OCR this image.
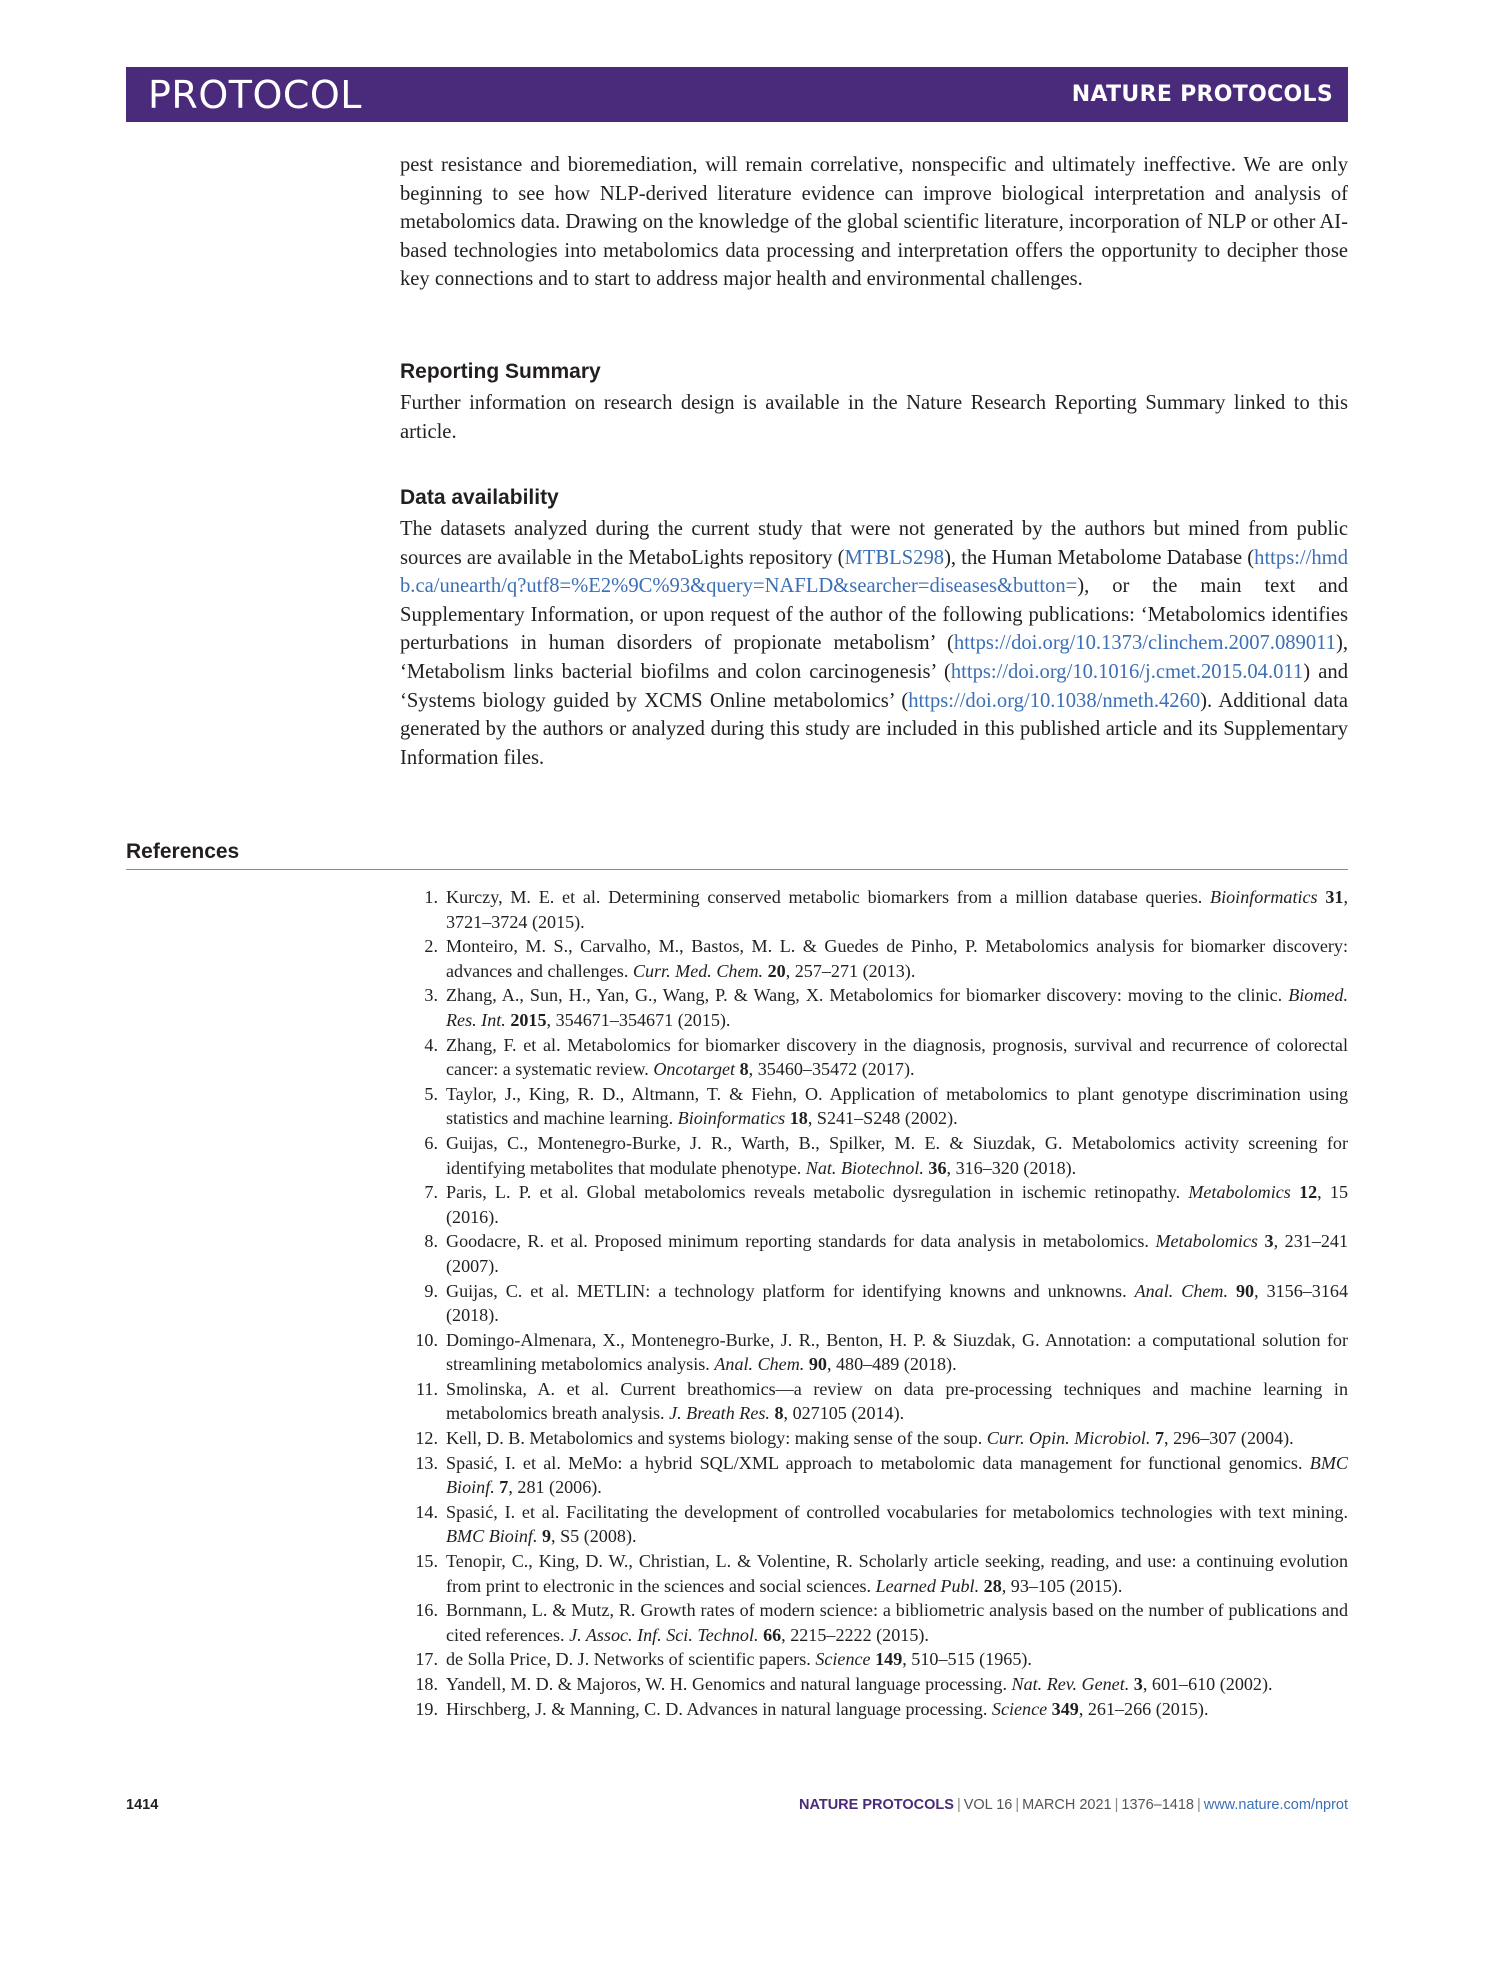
PROTOCOL	NATURE PROTOCOLS

pest resistance and bioremediation, will remain correlative, nonspecific and ultimately ineffective. We are only beginning to see how NLP-derived literature evidence can improve biological interpretation and analysis of metabolomics data. Drawing on the knowledge of the global scientific literature, incorporation of NLP or other AI-based technologies into metabolomics data processing and interpretation offers the opportunity to decipher those key connections and to start to address major health and environmental challenges.

Reporting Summary

Further information on research design is available in the Nature Research Reporting Summary linked to this article.

Data availability

The datasets analyzed during the current study that were not generated by the authors but mined from public sources are available in the MetaboLights repository (MTBLS298), the Human Metabolome Database (https://hmdb.ca/unearth/q?utf8=%E2%9C%93&query=NAFLD&searcher=diseases&button=), or the main text and Supplementary Information, or upon request of the author of the following publications: ‘Metabolomics identifies perturbations in human disorders of propionate metabolism’ (https://doi.org/10.1373/clinchem.2007.089011), ‘Metabolism links bacterial biofilms and colon carcinogenesis’ (https://doi.org/10.1016/j.cmet.2015.04.011) and ‘Systems biology guided by XCMS Online metabolomics’ (https://doi.org/10.1038/nmeth.4260). Additional data generated by the authors or analyzed during this study are included in this published article and its Supplementary Information files.

References
1. Kurczy, M. E. et al. Determining conserved metabolic biomarkers from a million database queries. Bioinformatics 31, 3721–3724 (2015).
2. Monteiro, M. S., Carvalho, M., Bastos, M. L. & Guedes de Pinho, P. Metabolomics analysis for biomarker discovery: advances and challenges. Curr. Med. Chem. 20, 257–271 (2013).
3. Zhang, A., Sun, H., Yan, G., Wang, P. & Wang, X. Metabolomics for biomarker discovery: moving to the clinic. Biomed. Res. Int. 2015, 354671–354671 (2015).
4. Zhang, F. et al. Metabolomics for biomarker discovery in the diagnosis, prognosis, survival and recurrence of colorectal cancer: a systematic review. Oncotarget 8, 35460–35472 (2017).
5. Taylor, J., King, R. D., Altmann, T. & Fiehn, O. Application of metabolomics to plant genotype discrimination using statistics and machine learning. Bioinformatics 18, S241–S248 (2002).
6. Guijas, C., Montenegro-Burke, J. R., Warth, B., Spilker, M. E. & Siuzdak, G. Metabolomics activity screening for identifying metabolites that modulate phenotype. Nat. Biotechnol. 36, 316–320 (2018).
7. Paris, L. P. et al. Global metabolomics reveals metabolic dysregulation in ischemic retinopathy. Metabolomics 12, 15 (2016).
8. Goodacre, R. et al. Proposed minimum reporting standards for data analysis in metabolomics. Metabolomics 3, 231–241 (2007).
9. Guijas, C. et al. METLIN: a technology platform for identifying knowns and unknowns. Anal. Chem. 90, 3156–3164 (2018).
10. Domingo-Almenara, X., Montenegro-Burke, J. R., Benton, H. P. & Siuzdak, G. Annotation: a computational solution for streamlining metabolomics analysis. Anal. Chem. 90, 480–489 (2018).
11. Smolinska, A. et al. Current breathomics—a review on data pre-processing techniques and machine learning in metabolomics breath analysis. J. Breath Res. 8, 027105 (2014).
12. Kell, D. B. Metabolomics and systems biology: making sense of the soup. Curr. Opin. Microbiol. 7, 296–307 (2004).
13. Spasić, I. et al. MeMo: a hybrid SQL/XML approach to metabolomic data management for functional genomics. BMC Bioinf. 7, 281 (2006).
14. Spasić, I. et al. Facilitating the development of controlled vocabularies for metabolomics technologies with text mining. BMC Bioinf. 9, S5 (2008).
15. Tenopir, C., King, D. W., Christian, L. & Volentine, R. Scholarly article seeking, reading, and use: a continuing evolution from print to electronic in the sciences and social sciences. Learned Publ. 28, 93–105 (2015).
16. Bornmann, L. & Mutz, R. Growth rates of modern science: a bibliometric analysis based on the number of publications and cited references. J. Assoc. Inf. Sci. Technol. 66, 2215–2222 (2015).
17. de Solla Price, D. J. Networks of scientific papers. Science 149, 510–515 (1965).
18. Yandell, M. D. & Majoros, W. H. Genomics and natural language processing. Nat. Rev. Genet. 3, 601–610 (2002).
19. Hirschberg, J. & Manning, C. D. Advances in natural language processing. Science 349, 261–266 (2015).
1414	NATURE PROTOCOLS | VOL 16 | MARCH 2021 | 1376–1418 | www.nature.com/nprot
